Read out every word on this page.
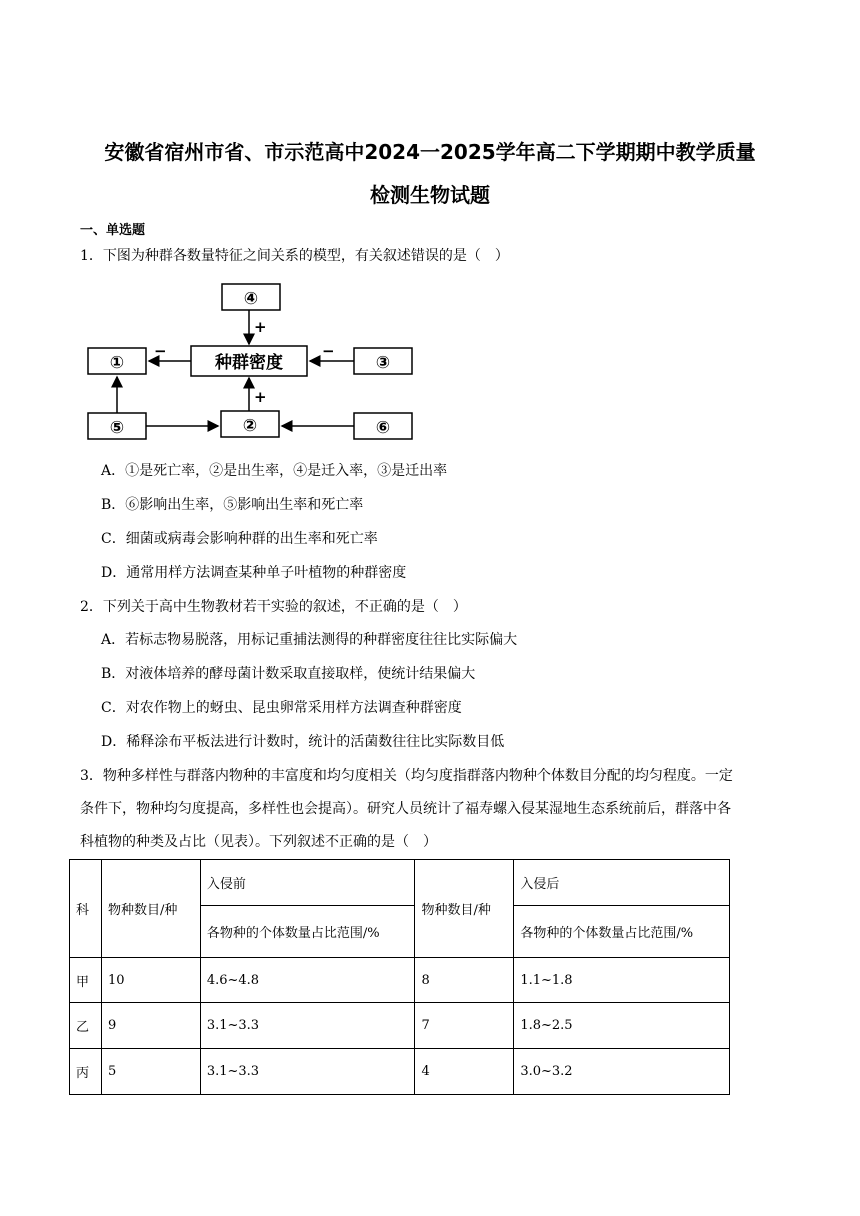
安徽省宿州市省、市示范高中2024一2025学年高二下学期期中教学质量
检测生物试题
一、单选题
1．下图为种群各数量特征之间关系的模型，有关叙述错误的是（　）
④
①	种群密度	③
⑤	②	⑥
+
−	−
+
A．①是死亡率，②是出生率，④是迁入率，③是迁出率
B．⑥影响出生率，⑤影响出生率和死亡率
C．细菌或病毒会影响种群的出生率和死亡率
D．通常用样方法调查某种单子叶植物的种群密度
2．下列关于高中生物教材若干实验的叙述，不正确的是（　）
A．若标志物易脱落，用标记重捕法测得的种群密度往往比实际偏大
B．对液体培养的酵母菌计数采取直接取样，使统计结果偏大
C．对农作物上的蚜虫、昆虫卵常采用样方法调查种群密度
D．稀释涂布平板法进行计数时，统计的活菌数往往比实际数目低
3．物种多样性与群落内物种的丰富度和均匀度相关（均匀度指群落内物种个体数目分配的均匀程度。一定
条件下，物种均匀度提高，多样性也会提高）。研究人员统计了福寿螺入侵某湿地生态系统前后，群落中各
科植物的种类及占比（见表）。下列叙述不正确的是（　）
科	物种数目/种	入侵前	物种数目/种	入侵后
		各物种的个体数量占比范围/%		各物种的个体数量占比范围/%
甲	10	4.6~4.8	8	1.1~1.8
乙	9	3.1~3.3	7	1.8~2.5
丙	5	3.1~3.3	4	3.0~3.2
